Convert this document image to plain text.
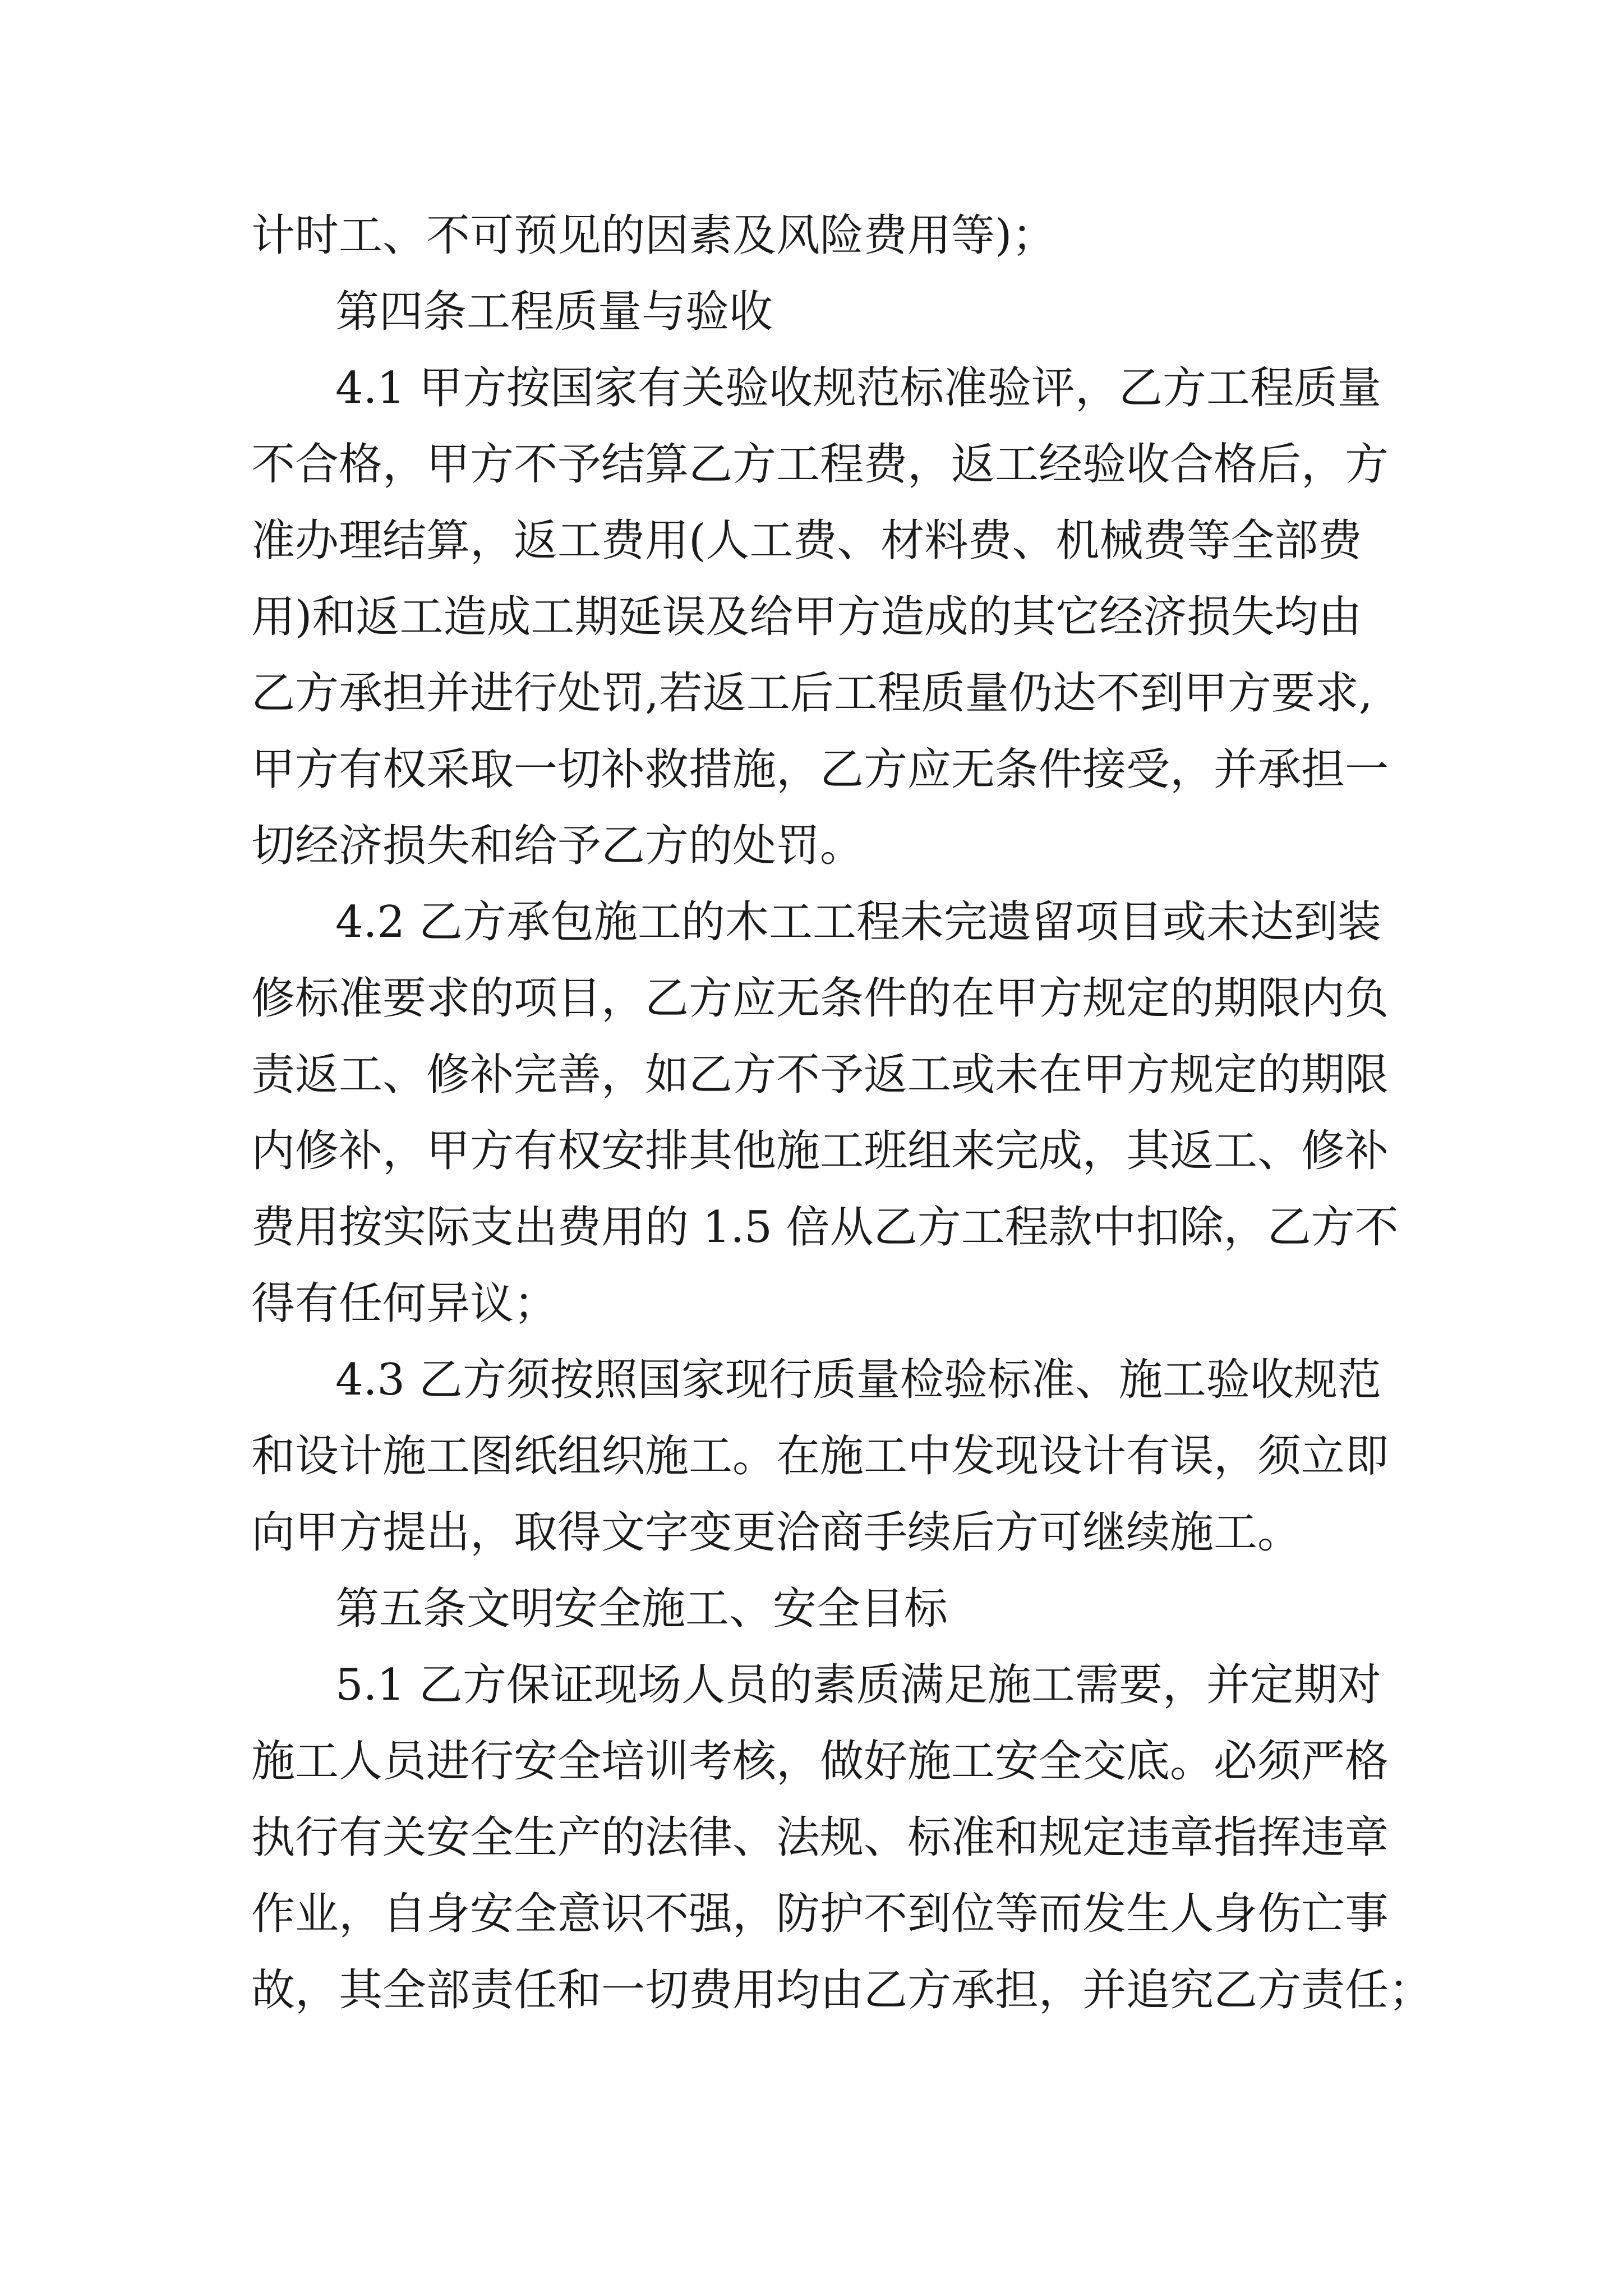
计时工、不可预见的因素及风险费用等)；

第四条工程质量与验收

4.1 甲方按国家有关验收规范标准验评，乙方工程质量

不合格，甲方不予结算乙方工程费，返工经验收合格后，方

准办理结算，返工费用(人工费、材料费、机械费等全部费

用)和返工造成工期延误及给甲方造成的其它经济损失均由

乙方承担并进行处罚,若返工后工程质量仍达不到甲方要求,

甲方有权采取一切补救措施，乙方应无条件接受，并承担一

切经济损失和给予乙方的处罚。

4.2 乙方承包施工的木工工程未完遗留项目或未达到装

修标准要求的项目，乙方应无条件的在甲方规定的期限内负

责返工、修补完善，如乙方不予返工或未在甲方规定的期限

内修补，甲方有权安排其他施工班组来完成，其返工、修补

费用按实际支出费用的 1.5 倍从乙方工程款中扣除，乙方不

得有任何异议；

4.3 乙方须按照国家现行质量检验标准、施工验收规范

和设计施工图纸组织施工。在施工中发现设计有误，须立即

向甲方提出，取得文字变更洽商手续后方可继续施工。

第五条文明安全施工、安全目标

5.1 乙方保证现场人员的素质满足施工需要，并定期对

施工人员进行安全培训考核，做好施工安全交底。必须严格

执行有关安全生产的法律、法规、标准和规定违章指挥违章

作业，自身安全意识不强，防护不到位等而发生人身伤亡事

故，其全部责任和一切费用均由乙方承担，并追究乙方责任；
